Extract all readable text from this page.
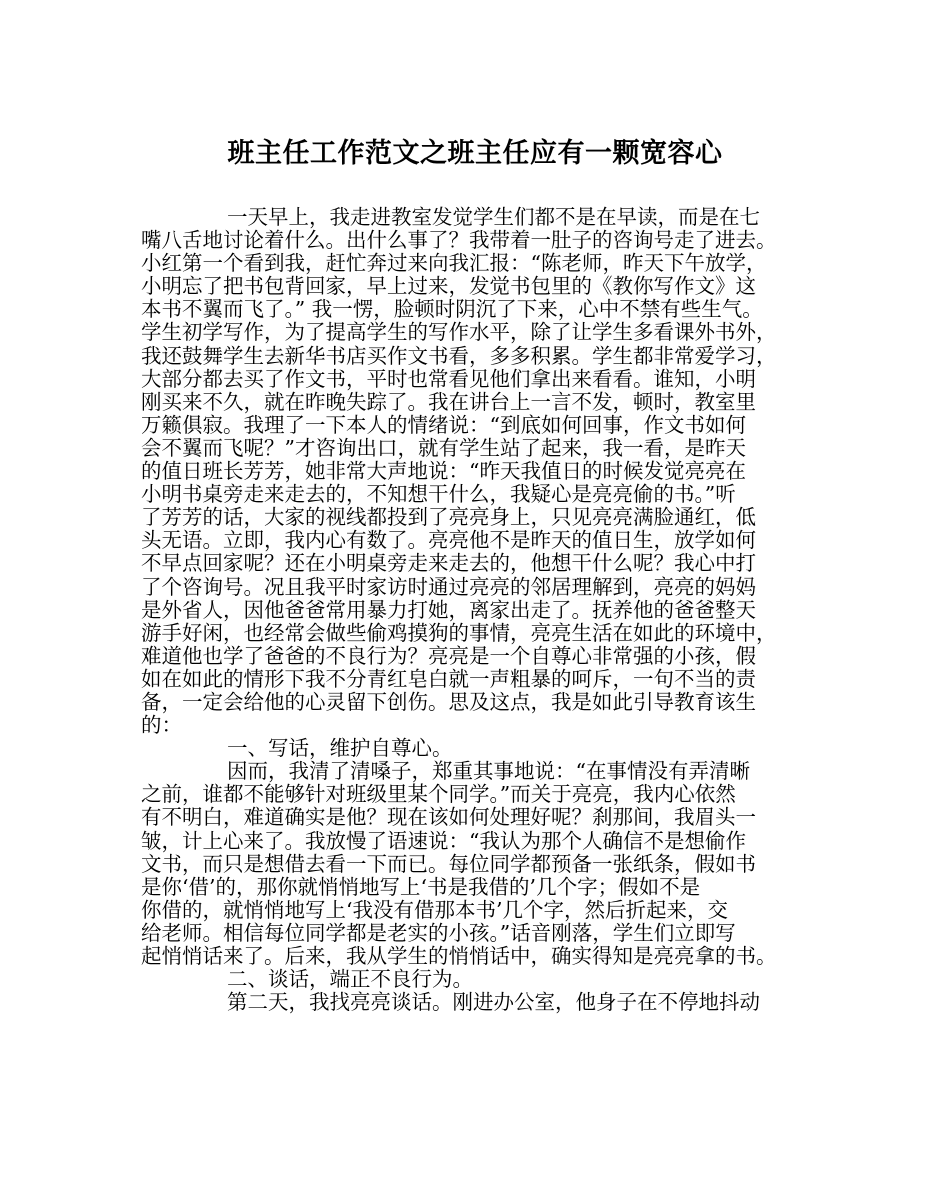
班主任工作范文之班主任应有一颗宽容心
一天早上，我走进教室发觉学生们都不是在早读，而是在七
嘴八舌地讨论着什么。出什么事了？我带着一肚子的咨询号走了进去。
小红第一个看到我，赶忙奔过来向我汇报：“陈老师，昨天下午放学，
小明忘了把书包背回家，早上过来，发觉书包里的《教你写作文》这
本书不翼而飞了。” 我一愣，脸顿时阴沉了下来，心中不禁有些生气。
学生初学写作，为了提高学生的写作水平，除了让学生多看课外书外，
我还鼓舞学生去新华书店买作文书看，多多积累。学生都非常爱学习，
大部分都去买了作文书，平时也常看见他们拿出来看看。谁知，小明
刚买来不久，就在昨晚失踪了。我在讲台上一言不发，顿时，教室里
万籁俱寂。我理了一下本人的情绪说：“到底如何回事，作文书如何
会不翼而飞呢？”才咨询出口，就有学生站了起来，我一看，是昨天
的值日班长芳芳，她非常大声地说：“昨天我值日的时候发觉亮亮在
小明书桌旁走来走去的，不知想干什么，我疑心是亮亮偷的书。”听
了芳芳的话，大家的视线都投到了亮亮身上，只见亮亮满脸通红，低
头无语。立即，我内心有数了。亮亮他不是昨天的值日生，放学如何
不早点回家呢？还在小明桌旁走来走去的，他想干什么呢？我心中打
了个咨询号。况且我平时家访时通过亮亮的邻居理解到，亮亮的妈妈
是外省人，因他爸爸常用暴力打她，离家出走了。抚养他的爸爸整天
游手好闲，也经常会做些偷鸡摸狗的事情，亮亮生活在如此的环境中，
难道他也学了爸爸的不良行为？亮亮是一个自尊心非常强的小孩，假
如在如此的情形下我不分青红皂白就一声粗暴的呵斥，一句不当的责
备，一定会给他的心灵留下创伤。思及这点，我是如此引导教育该生
的：
一、写话，维护自尊心。
因而，我清了清嗓子，郑重其事地说：“在事情没有弄清晰
之前，谁都不能够针对班级里某个同学。”而关于亮亮，我内心依然
有不明白，难道确实是他？现在该如何处理好呢？刹那间，我眉头一
皱，计上心来了。我放慢了语速说：“我认为那个人确信不是想偷作
文书，而只是想借去看一下而已。每位同学都预备一张纸条，假如书
是你‘借’的，那你就悄悄地写上‘书是我借的’几个字；假如不是
你借的，就悄悄地写上‘我没有借那本书’几个字，然后折起来，交
给老师。相信每位同学都是老实的小孩。”话音刚落，学生们立即写
起悄悄话来了。后来，我从学生的悄悄话中，确实得知是亮亮拿的书。
二、谈话，端正不良行为。
第二天，我找亮亮谈话。刚进办公室，他身子在不停地抖动
